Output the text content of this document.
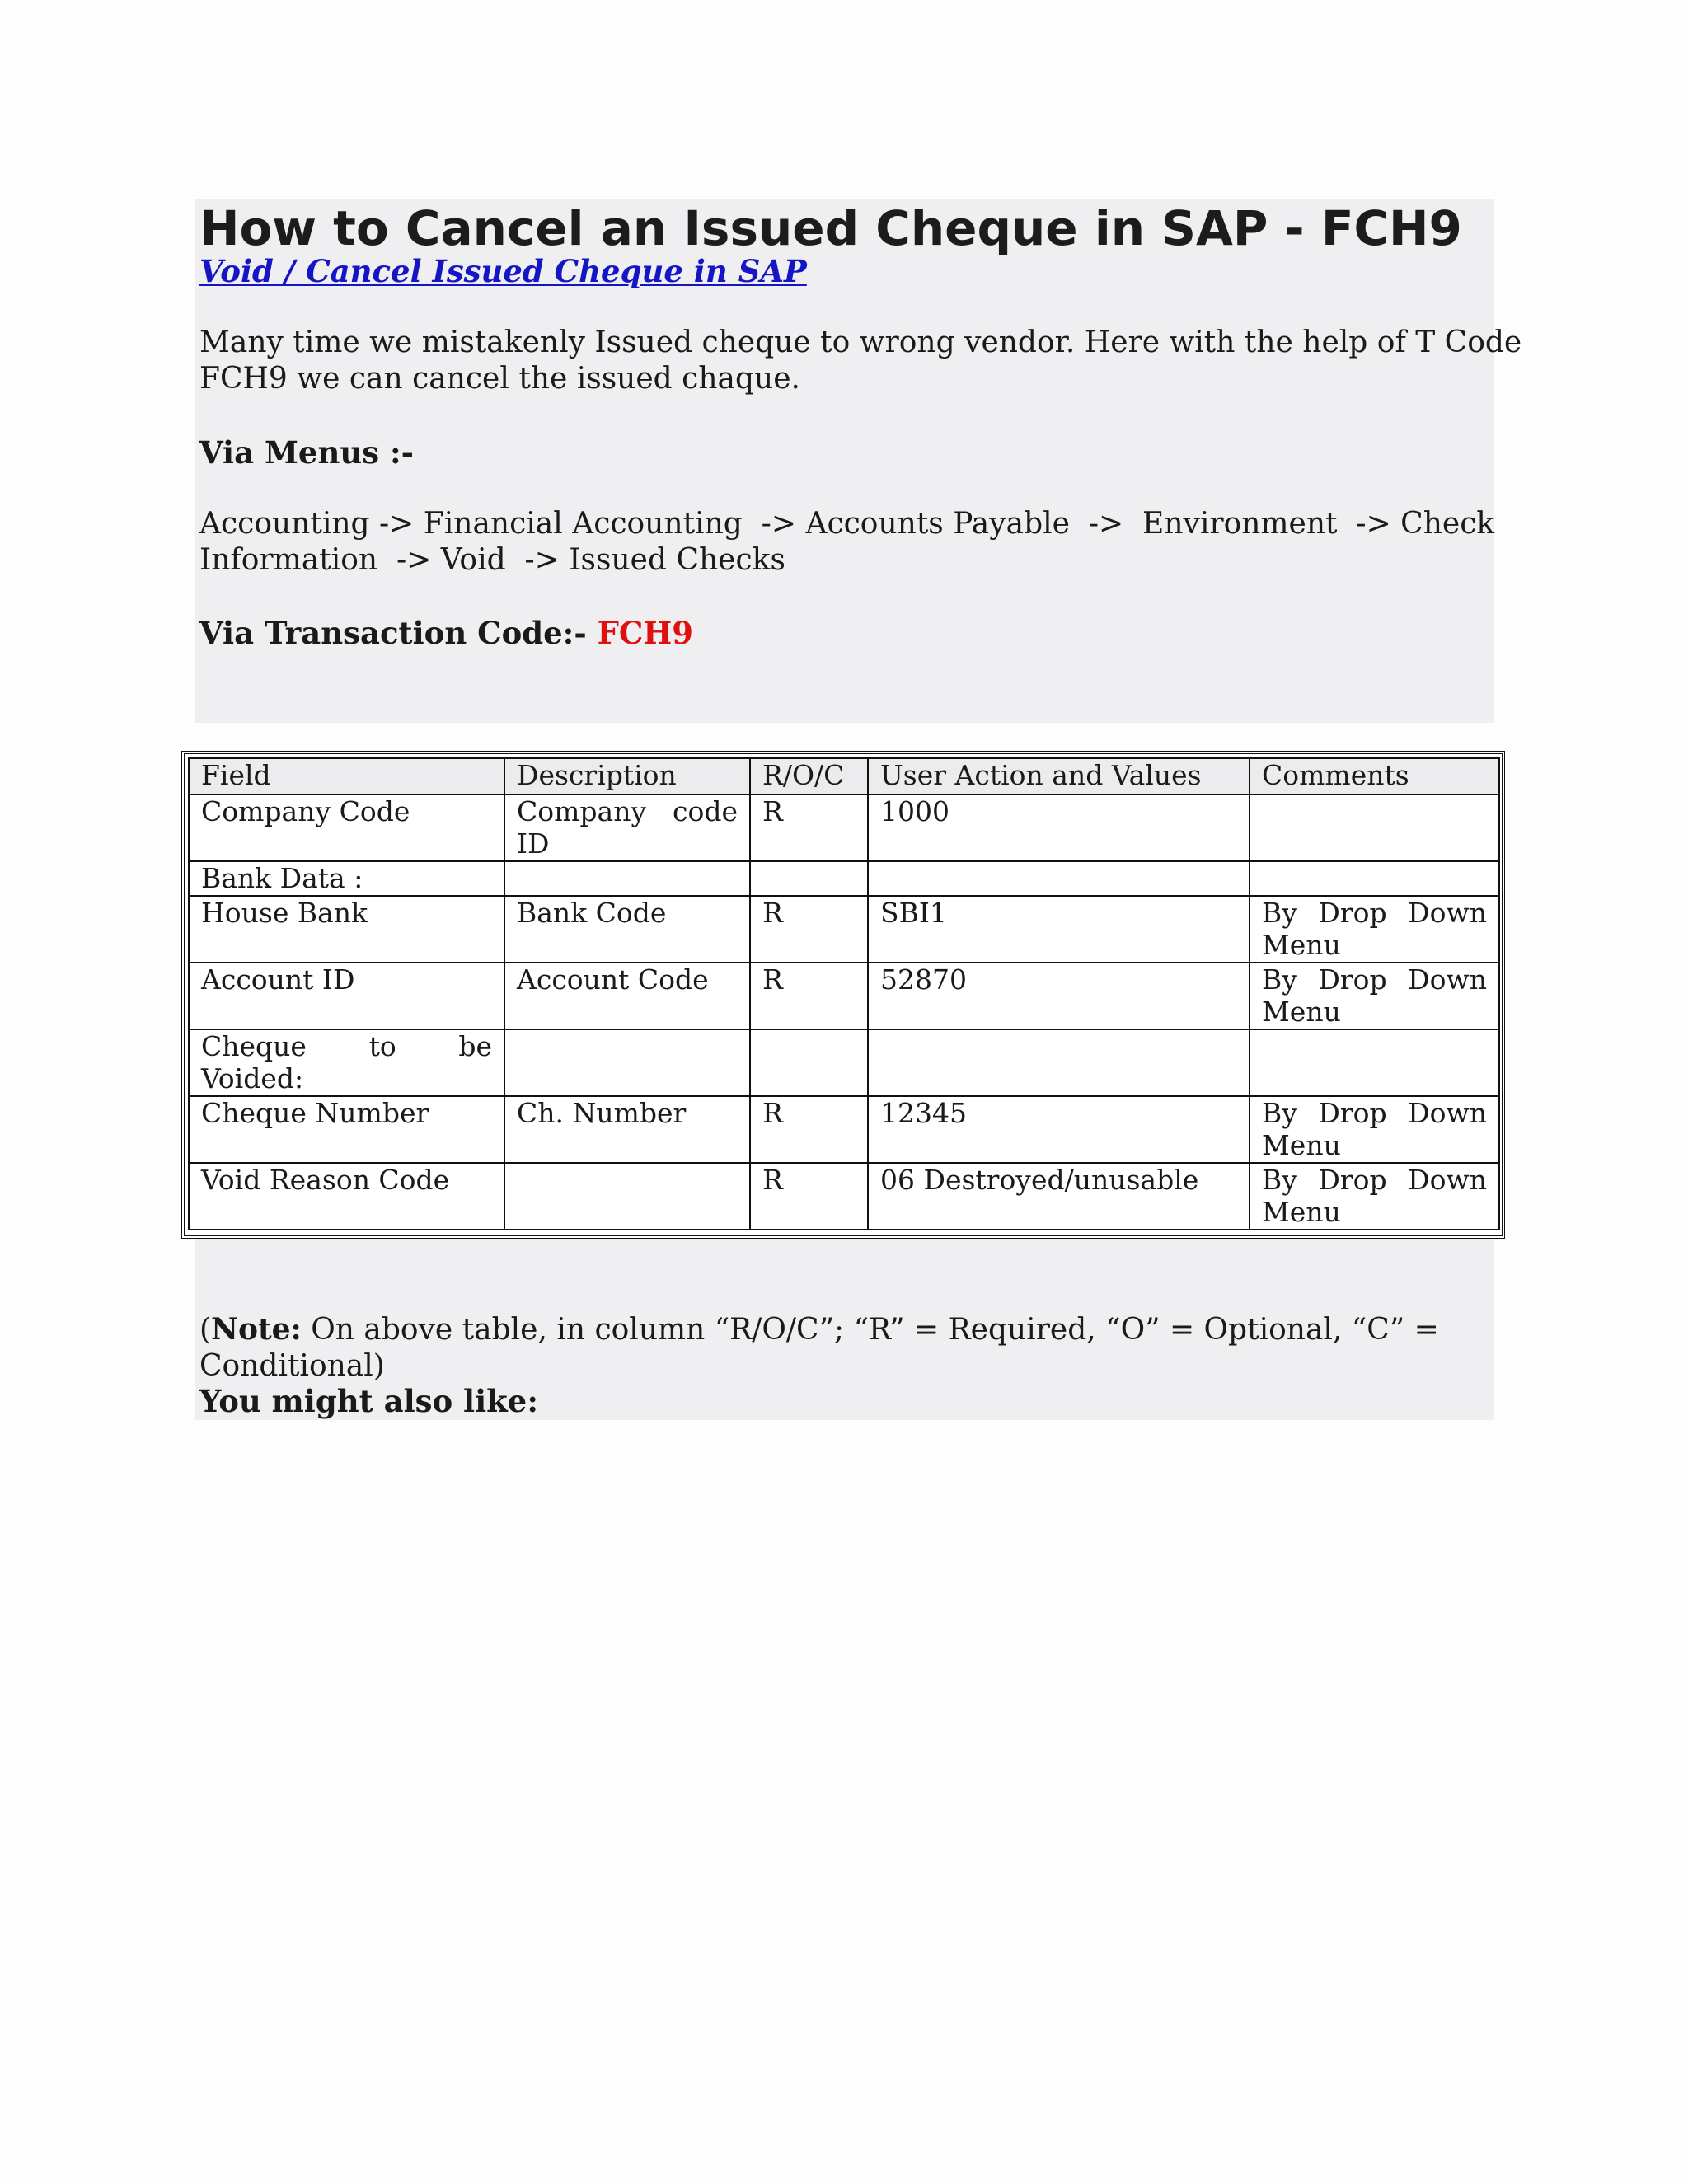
How to Cancel an Issued Cheque in SAP - FCH9
Void / Cancel Issued Cheque in SAP

Many time we mistakenly Issued cheque to wrong vendor. Here with the help of T Code
FCH9 we can cancel the issued chaque.

Via Menus :-
Accounting -> Financial Accounting  -> Accounts Payable  ->  Environment  -> Check
Information  -> Void  -> Issued Checks
Via Transaction Code:- FCH9
Field	Description	R/O/C	User Action and Values	Comments
Company Code	Company code ID	R	1000	
Bank Data :				
House Bank	Bank Code	R	SBI1	By Drop Down Menu
Account ID	Account Code	R	52870	By Drop Down Menu
Cheque to be Voided:				
Cheque Number	Ch. Number	R	12345	By Drop Down Menu
Void Reason Code		R	06 Destroyed/unusable	By Drop Down Menu
(Note: On above table, in column “R/O/C”; “R” = Required, “O” = Optional, “C” =
Conditional)
You might also like:
